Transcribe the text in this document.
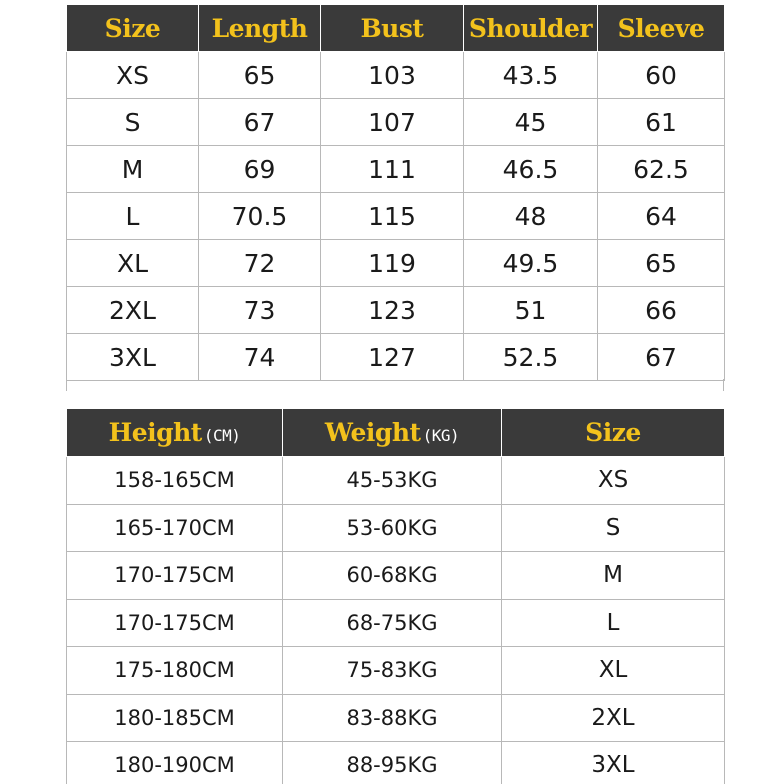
Size	Length	Bust	Shoulder	Sleeve
XS	65	103	43.5	60
S	67	107	45	61
M	69	111	46.5	62.5
L	70.5	115	48	64
XL	72	119	49.5	65
2XL	73	123	51	66
3XL	74	127	52.5	67
Height (CM)	Weight (KG)	Size
158-165CM	45-53KG	XS
165-170CM	53-60KG	S
170-175CM	60-68KG	M
170-175CM	68-75KG	L
175-180CM	75-83KG	XL
180-185CM	83-88KG	2XL
180-190CM	88-95KG	3XL
